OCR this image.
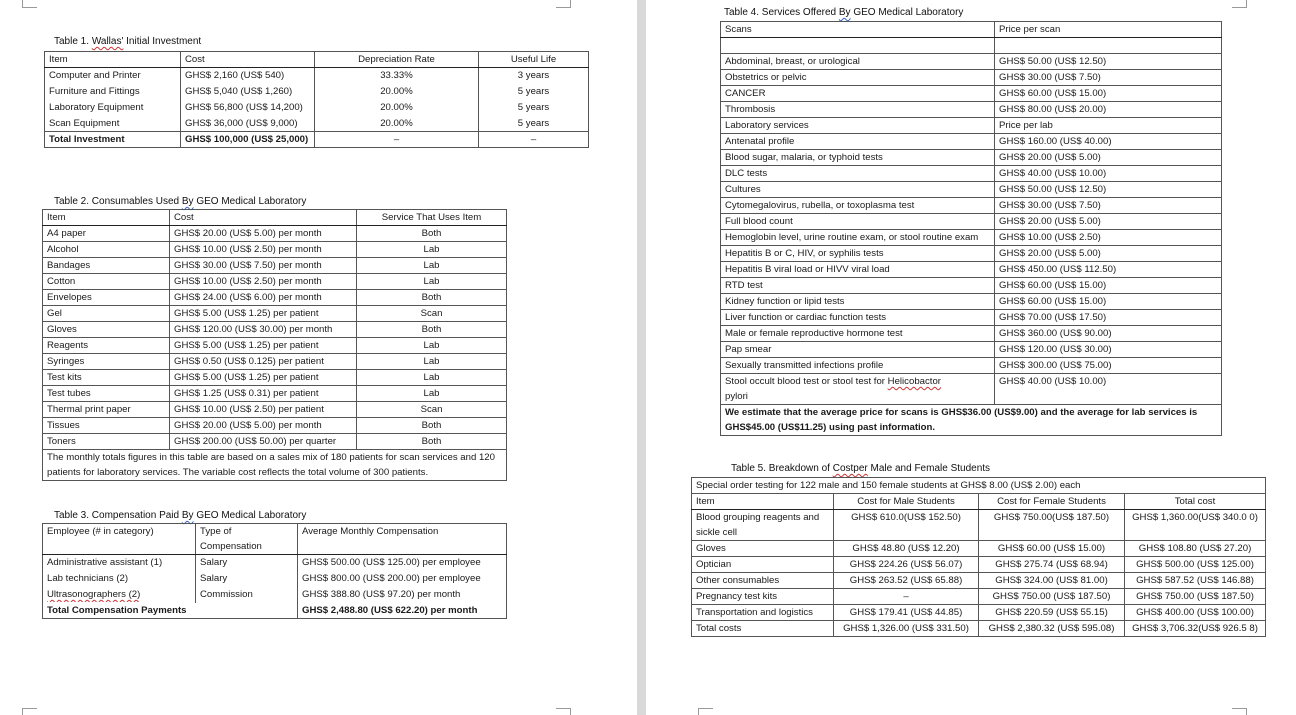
Table 1. Wallas' Initial Investment
Item	Cost	Depreciation Rate	Useful Life
Computer and Printer	GHS$ 2,160 (US$ 540)	33.33%	3 years
Furniture and Fittings	GHS$ 5,040 (US$ 1,260)	20.00%	5 years
Laboratory Equipment	GHS$ 56,800 (US$ 14,200)	20.00%	5 years
Scan Equipment	GHS$ 36,000 (US$ 9,000)	20.00%	5 years
Total Investment	GHS$ 100,000 (US$ 25,000)	–	–
Table 2. Consumables Used By GEO Medical Laboratory
Item	Cost	Service That Uses Item
A4 paper	GHS$ 20.00 (US$ 5.00) per month	Both
Alcohol	GHS$ 10.00 (US$ 2.50) per month	Lab
Bandages	GHS$ 30.00 (US$ 7.50) per month	Lab
Cotton	GHS$ 10.00 (US$ 2.50) per month	Lab
Envelopes	GHS$ 24.00 (US$ 6.00) per month	Both
Gel	GHS$ 5.00 (US$ 1.25) per patient	Scan
Gloves	GHS$ 120.00 (US$ 30.00) per month	Both
Reagents	GHS$ 5.00 (US$ 1.25) per patient	Lab
Syringes	GHS$ 0.50 (US$ 0.125) per patient	Lab
Test kits	GHS$ 5.00 (US$ 1.25) per patient	Lab
Test tubes	GHS$ 1.25 (US$ 0.31) per patient	Lab
Thermal print paper	GHS$ 10.00 (US$ 2.50) per patient	Scan
Tissues	GHS$ 20.00 (US$ 5.00) per month	Both
Toners	GHS$ 200.00 (US$ 50.00) per quarter	Both
The monthly totals figures in this table are based on a sales mix of 180 patients for scan services and 120 patients for laboratory services. The variable cost reflects the total volume of 300 patients.		
Table 3. Compensation Paid By GEO Medical Laboratory
Employee (# in category)	Type of Compensation	Average Monthly Compensation
Administrative assistant (1)	Salary	GHS$ 500.00 (US$ 125.00) per employee
Lab technicians (2)	Salary	GHS$ 800.00 (US$ 200.00) per employee
Ultrasonographers (2)	Commission	GHS$ 388.80 (US$ 97.20) per month
Total Compensation Payments		GHS$ 2,488.80 (US$ 622.20) per month
Table 4. Services Offered By GEO Medical Laboratory
Scans	Price per scan

Abdominal, breast, or urological	GHS$ 50.00 (US$ 12.50)
Obstetrics or pelvic	GHS$ 30.00 (US$ 7.50)
CANCER	GHS$ 60.00 (US$ 15.00)
Thrombosis	GHS$ 80.00 (US$ 20.00)
Laboratory services	Price per lab
Antenatal profile	GHS$ 160.00 (US$ 40.00)
Blood sugar, malaria, or typhoid tests	GHS$ 20.00 (US$ 5.00)
DLC tests	GHS$ 40.00 (US$ 10.00)
Cultures	GHS$ 50.00 (US$ 12.50)
Cytomegalovirus, rubella, or toxoplasma test	GHS$ 30.00 (US$ 7.50)
Full blood count	GHS$ 20.00 (US$ 5.00)
Hemoglobin level, urine routine exam, or stool routine exam	GHS$ 10.00 (US$ 2.50)
Hepatitis B or C, HIV, or syphilis tests	GHS$ 20.00 (US$ 5.00)
Hepatitis B viral load or HIVV viral load	GHS$ 450.00 (US$ 112.50)
RTD test	GHS$ 60.00 (US$ 15.00)
Kidney function or lipid tests	GHS$ 60.00 (US$ 15.00)
Liver function or cardiac function tests	GHS$ 70.00 (US$ 17.50)
Male or female reproductive hormone test	GHS$ 360.00 (US$ 90.00)
Pap smear	GHS$ 120.00 (US$ 30.00)
Sexually transmitted infections profile	GHS$ 300.00 (US$ 75.00)
Stool occult blood test or stool test for Helicobactor
pylori	GHS$ 40.00 (US$ 10.00)
We estimate that the average price for scans is GHS$36.00 (US$9.00) and the average for lab services is GHS$45.00 (US$11.25) using past information.	
Table 5. Breakdown of Costper Male and Female Students
Special order testing for 122 male and 150 female students at GHS$ 8.00 (US$ 2.00) each			
Item	Cost for Male Students	Cost for Female Students	Total cost
Blood grouping reagents and sickle cell	GHS$ 610.0(US$ 152.50)	GHS$ 750.00(US$ 187.50)	GHS$ 1,360.00(US$ 340.0 0)
Gloves	GHS$ 48.80 (US$ 12.20)	GHS$ 60.00 (US$ 15.00)	GHS$ 108.80 (US$ 27.20)
Optician	GHS$ 224.26 (US$ 56.07)	GHS$ 275.74 (US$ 68.94)	GHS$ 500.00 (US$ 125.00)
Other consumables	GHS$ 263.52 (US$ 65.88)	GHS$ 324.00 (US$ 81.00)	GHS$ 587.52 (US$ 146.88)
Pregnancy test kits	–	GHS$ 750.00 (US$ 187.50)	GHS$ 750.00 (US$ 187.50)
Transportation and logistics	GHS$ 179.41 (US$ 44.85)	GHS$ 220.59 (US$ 55.15)	GHS$ 400.00 (US$ 100.00)
Total costs	GHS$ 1,326.00 (US$ 331.50)	GHS$ 2,380.32 (US$ 595.08)	GHS$ 3,706.32(US$ 926.5 8)
